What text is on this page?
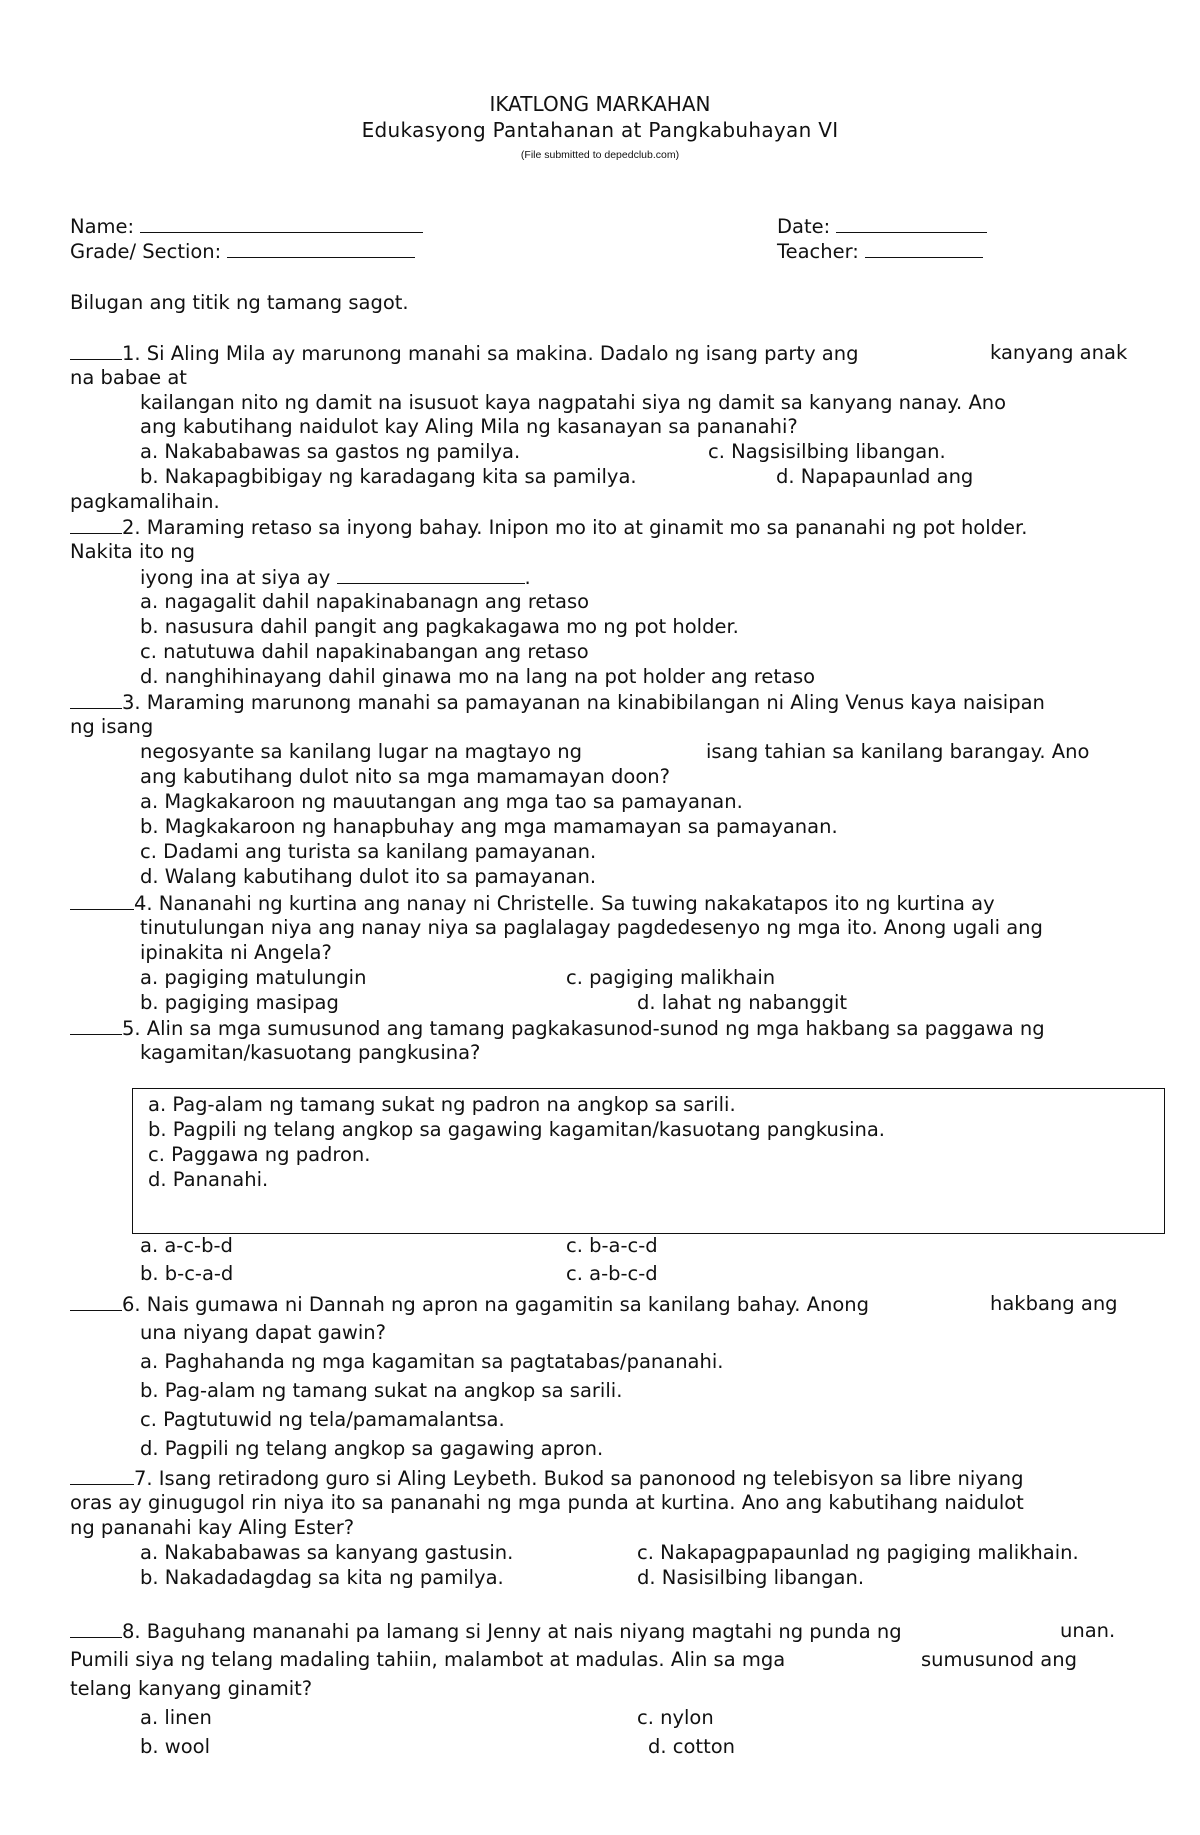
IKATLONG MARKAHAN
Edukasyong Pantahanan at Pangkabuhayan VI
(File submitted to depedclub.com)
Name:	Date:
Grade/ Section:	Teacher:
Bilugan ang titik ng tamang sagot.
1. Si Aling Mila ay marunong manahi sa makina. Dadalo ng isang party ang	kanyang anak
na babae at
kailangan nito ng damit na isusuot kaya nagpatahi siya ng damit sa kanyang nanay. Ano
ang kabutihang naidulot kay Aling Mila ng kasanayan sa pananahi?
a. Nakababawas sa gastos ng pamilya.	c. Nagsisilbing libangan.
b. Nakapagbibigay ng karadagang kita sa pamilya.	d. Napapaunlad ang
pagkamalihain.
2. Maraming retaso sa inyong bahay. Inipon mo ito at ginamit mo sa pananahi ng pot holder.
Nakita ito ng
iyong ina at siya ay	.
a. nagagalit dahil napakinabanagn ang retaso
b. nasusura dahil pangit ang pagkakagawa mo ng pot holder.
c. natutuwa dahil napakinabangan ang retaso
d. nanghihinayang dahil ginawa mo na lang na pot holder ang retaso
3. Maraming marunong manahi sa pamayanan na kinabibilangan ni Aling Venus kaya naisipan
ng isang
negosyante sa kanilang lugar na magtayo ng	isang tahian sa kanilang barangay. Ano
ang kabutihang dulot nito sa mga mamamayan doon?
a. Magkakaroon ng mauutangan ang mga tao sa pamayanan.
b. Magkakaroon ng hanapbuhay ang mga mamamayan sa pamayanan.
c. Dadami ang turista sa kanilang pamayanan.
d. Walang kabutihang dulot ito sa pamayanan.
4. Nananahi ng kurtina ang nanay ni Christelle. Sa tuwing nakakatapos ito ng kurtina ay
tinutulungan niya ang nanay niya sa paglalagay pagdedesenyo ng mga ito. Anong ugali ang
ipinakita ni Angela?
a. pagiging matulungin	c. pagiging malikhain
b. pagiging masipag	d. lahat ng nabanggit
5. Alin sa mga sumusunod ang tamang pagkakasunod-sunod ng mga hakbang sa paggawa ng
kagamitan/kasuotang pangkusina?
a. Pag-alam ng tamang sukat ng padron na angkop sa sarili.
b. Pagpili ng telang angkop sa gagawing kagamitan/kasuotang pangkusina.
c. Paggawa ng padron.
d. Pananahi.
a. a-c-b-d	c. b-a-c-d
b. b-c-a-d	c. a-b-c-d
6. Nais gumawa ni Dannah ng apron na gagamitin sa kanilang bahay. Anong	hakbang ang
una niyang dapat gawin?
a. Paghahanda ng mga kagamitan sa pagtatabas/pananahi.
b. Pag-alam ng tamang sukat na angkop sa sarili.
c. Pagtutuwid ng tela/pamamalantsa.
d. Pagpili ng telang angkop sa gagawing apron.
7. Isang retiradong guro si Aling Leybeth. Bukod sa panonood ng telebisyon sa libre niyang
oras ay ginugugol rin niya ito sa pananahi ng mga punda at kurtina. Ano ang kabutihang naidulot
ng pananahi kay Aling Ester?
a. Nakababawas sa kanyang gastusin.	c. Nakapagpapaunlad ng pagiging malikhain.
b. Nakadadagdag sa kita ng pamilya.	d. Nasisilbing libangan.
8. Baguhang mananahi pa lamang si Jenny at nais niyang magtahi ng punda ng	unan.
Pumili siya ng telang madaling tahiin, malambot at madulas. Alin sa mga	sumusunod ang
telang kanyang ginamit?
a. linen	c. nylon
b. wool	d. cotton
